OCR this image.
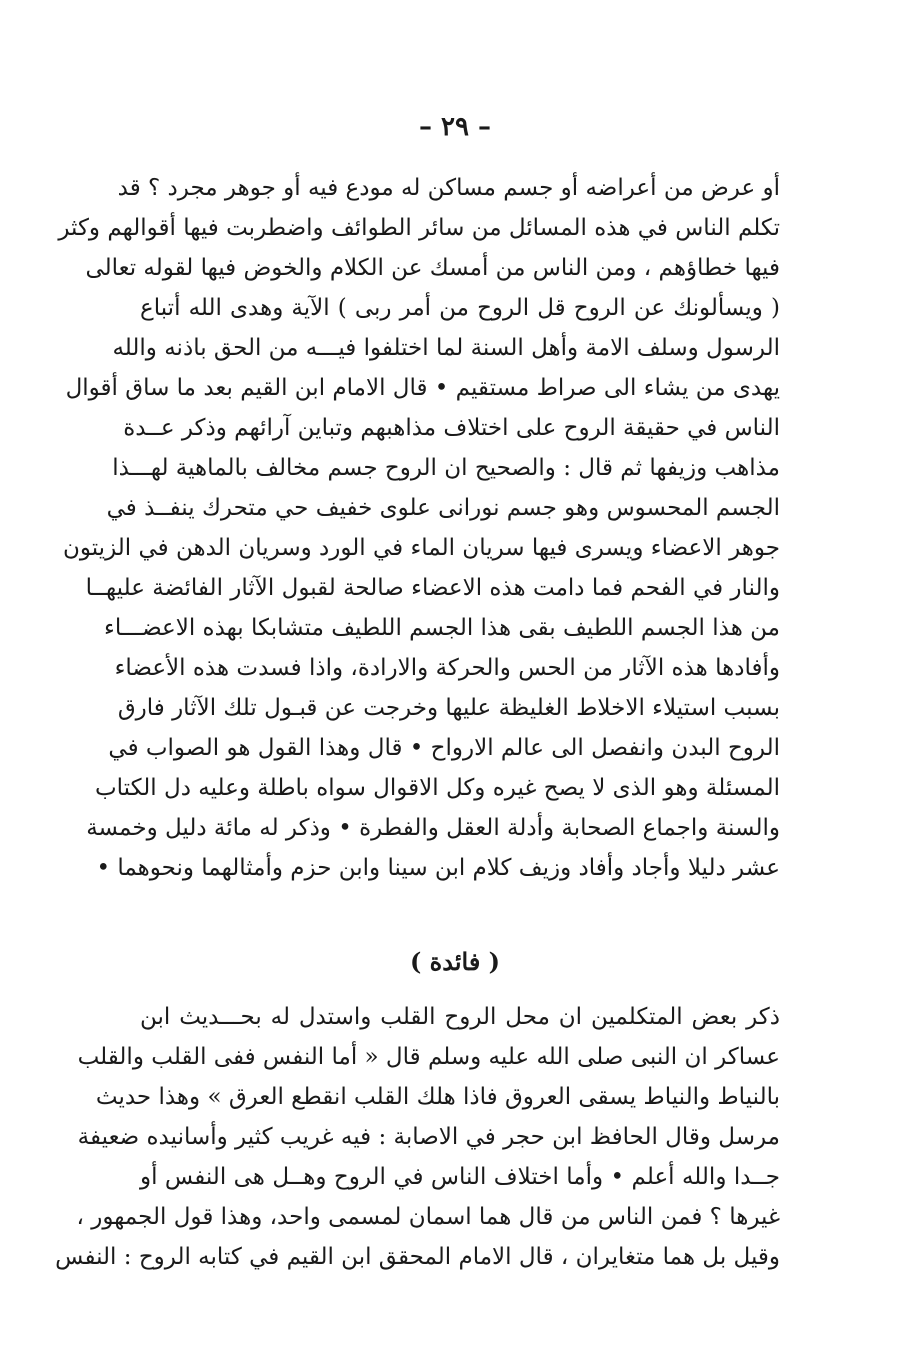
– ٢٩ –
أو عرض من أعراضه أو جسم مساكن له مودع فيه أو جوهر مجرد ؟ قد
تكلم الناس في هذه المسائل من سائر الطوائف واضطربت فيها أقوالهم وكثر
فيها خطاؤهم ، ومن الناس من أمسك عن الكلام والخوض فيها لقوله تعالى
( ويسألونك عن الروح قل الروح من أمر ربى ) الآية وهدى الله أتباع
الرسول وسلف الامة وأهل السنة لما اختلفوا فيـــه من الحق باذنه والله
يهدى من يشاء الى صراط مستقيم • قال الامام ابن القيم بعد ما ساق أقوال
الناس في حقيقة الروح على اختلاف مذاهبهم وتباين آرائهم وذكر عــدة
مذاهب وزيفها ثم قال : والصحيح ان الروح جسم مخالف بالماهية لهـــذا
الجسم المحسوس وهو جسم نورانى علوى خفيف حي متحرك ينفــذ في
جوهر الاعضاء ويسرى فيها سريان الماء في الورد وسريان الدهن في الزيتون
والنار في الفحم فما دامت هذه الاعضاء صالحة لقبول الآثار الفائضة عليهــا
من هذا الجسم اللطيف بقى هذا الجسم اللطيف متشابكا بهذه الاعضـــاء
وأفادها هذه الآثار من الحس والحركة والارادة، واذا فسدت هذه الأعضاء
بسبب استيلاء الاخلاط الغليظة عليها وخرجت عن قبـول تلك الآثار فارق
الروح البدن وانفصل الى عالم الارواح • قال وهذا القول هو الصواب في
المسئلة وهو الذى لا يصح غيره وكل الاقوال سواه باطلة وعليه دل الكتاب
والسنة واجماع الصحابة وأدلة العقل والفطرة • وذكر له مائة دليل وخمسة
عشر دليلا وأجاد وأفاد وزيف كلام ابن سينا وابن حزم وأمثالهما ونحوهما •
( فائدة )
ذكر بعض المتكلمين ان محل الروح القلب واستدل له بحـــديث ابن
عساكر ان النبى صلى الله عليه وسلم قال « أما النفس ففى القلب والقلب
بالنياط والنياط يسقى العروق فاذا هلك القلب انقطع العرق » وهذا حديث
مرسل وقال الحافظ ابن حجر في الاصابة : فيه غريب كثير وأسانيده ضعيفة
جــدا والله أعلم • وأما اختلاف الناس في الروح وهــل هى النفس أو
غيرها ؟ فمن الناس من قال هما اسمان لمسمى واحد، وهذا قول الجمهور ،
وقيل بل هما متغايران ، قال الامام المحقق ابن القيم في كتابه الروح : النفس
